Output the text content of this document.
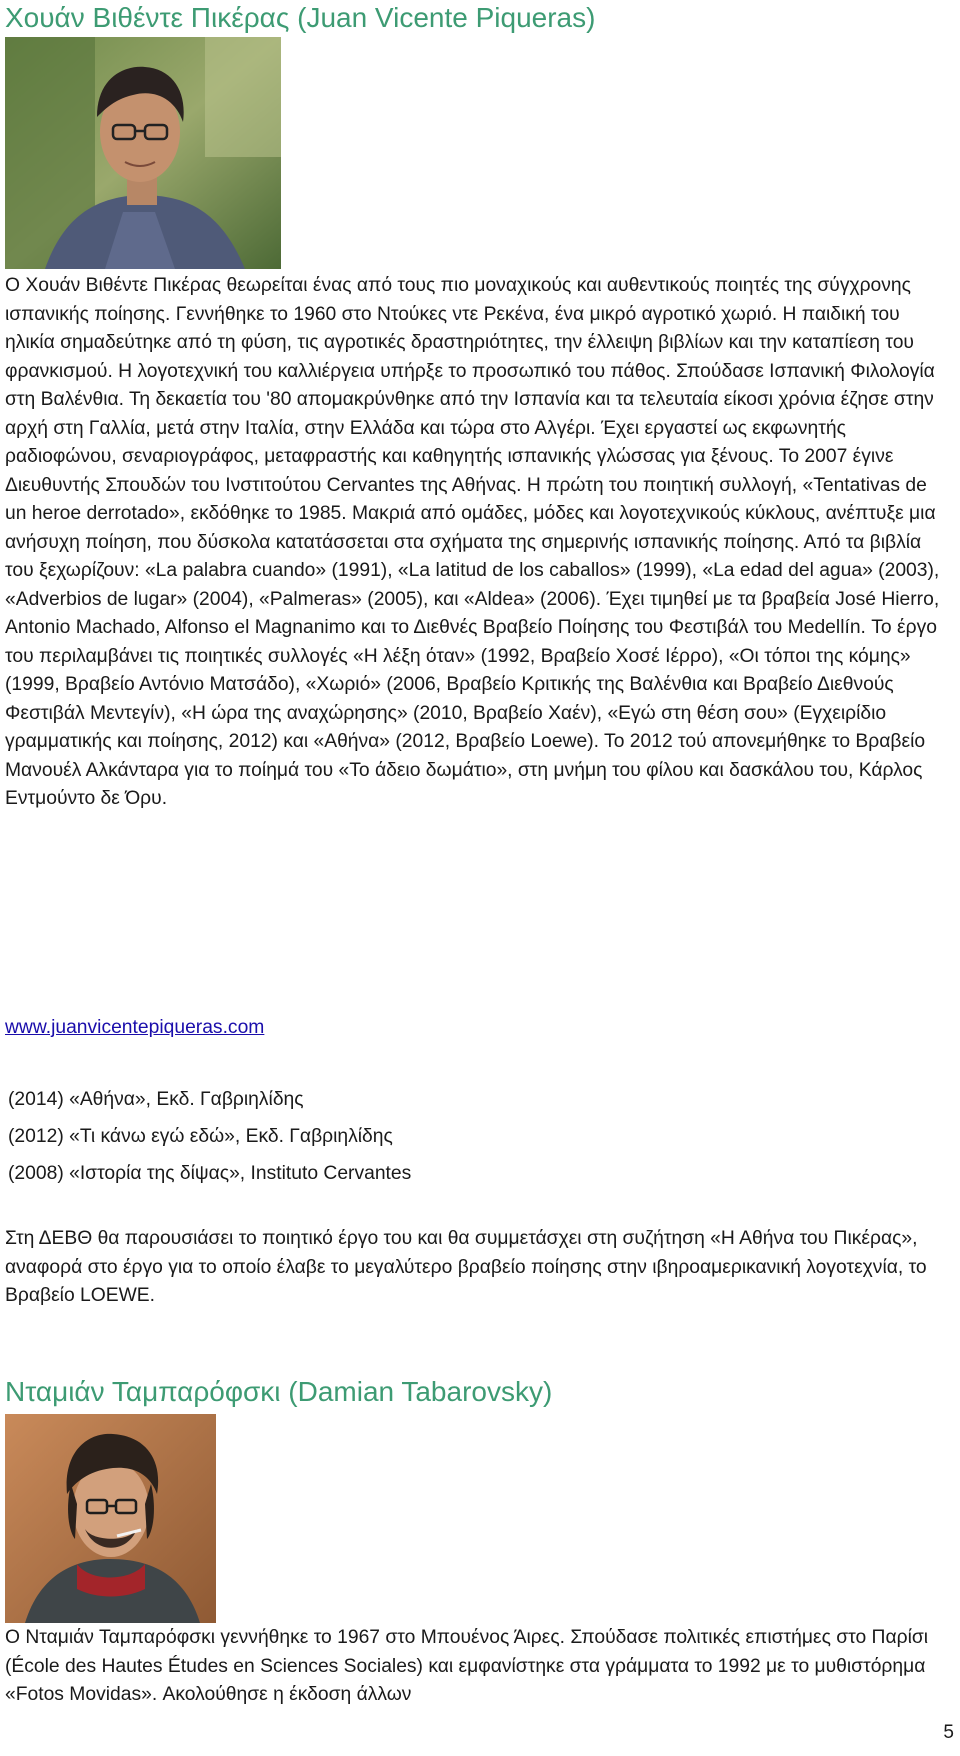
Χουάν Βιθέντε Πικέρας (Juan Vicente Piqueras)

Ο Χουάν Βιθέντε Πικέρας θεωρείται ένας από τους πιο μοναχικούς και αυθεντικούς ποιητές της σύγχρονης ισπανικής ποίησης. Γεννήθηκε το 1960 στο Ντούκες ντε Ρεκένα, ένα μικρό αγροτικό χωριό. Η παιδική του ηλικία σημαδεύτηκε από τη φύση, τις αγροτικές δραστηριότητες, την έλλειψη βιβλίων και την καταπίεση του φρανκισμού. Η λογοτεχνική του καλλιέργεια υπήρξε το προσωπικό του πάθος. Σπούδασε Ισπανική Φιλολογία στη Βαλένθια. Τη δεκαετία του '80 απομακρύνθηκε από την Ισπανία και τα τελευταία είκοσι χρόνια έζησε στην αρχή στη Γαλλία, μετά στην Ιταλία, στην Ελλάδα και τώρα στο Αλγέρι. Έχει εργαστεί ως εκφωνητής ραδιοφώνου, σεναριογράφος, μεταφραστής και καθηγητής ισπανικής γλώσσας για ξένους. Το 2007 έγινε Διευθυντής Σπουδών του Ινστιτούτου Cervantes της Αθήνας. Η πρώτη του ποιητική συλλογή, «Tentativas de un heroe derrotado», εκδόθηκε το 1985. Μακριά από ομάδες, μόδες και λογοτεχνικούς κύκλους, ανέπτυξε μια ανήσυχη ποίηση, που δύσκολα κατατάσσεται στα σχήματα της σημερινής ισπανικής ποίησης. Από τα βιβλία του ξεχωρίζουν: «La palabra cuando» (1991), «La latitud de los caballos» (1999), «La edad del agua» (2003), «Adverbios de lugar» (2004), «Palmeras» (2005), και «Aldea» (2006). Έχει τιμηθεί με τα βραβεία José Hierro, Antonio Machado, Alfonso el Magnanimo και το Διεθνές Βραβείο Ποίησης του Φεστιβάλ του Medellín. Το έργο του περιλαμβάνει τις ποιητικές συλλογές «Η λέξη όταν» (1992, Βραβείο Χοσέ Ιέρρο), «Οι τόποι της κόμης» (1999, Βραβείο Αντόνιο Ματσάδο), «Χωριό» (2006, Βραβείο Κριτικής της Βαλένθια και Βραβείο Διεθνούς Φεστιβάλ Μεντεγίν), «Η ώρα της αναχώρησης» (2010, Βραβείο Χαέν), «Εγώ στη θέση σου» (Εγχειρίδιο γραμματικής και ποίησης, 2012) και «Αθήνα» (2012, Βραβείο Loewe). Το 2012 τού απονεμήθηκε το Βραβείο Μανουέλ Αλκάνταρα για το ποίημά του «Το άδειο δωμάτιο», στη μνήμη του φίλου και δασκάλου του, Κάρλος Εντμούντο δε Όρυ.

www.juanvicentepiqueras.com
(2014) «Αθήνα», Εκδ. Γαβριηλίδης
(2012) «Τι κάνω εγώ εδώ», Εκδ. Γαβριηλίδης
(2008) «Ιστορία της δίψας», Instituto Cervantes

Στη ΔΕΒΘ θα παρουσιάσει το ποιητικό έργο του και θα συμμετάσχει στη συζήτηση «Η Αθήνα του Πικέρας», αναφορά στο έργο για το οποίο έλαβε το μεγαλύτερο βραβείο ποίησης στην ιβηροαμερικανική λογοτεχνία, το Βραβείο LOEWE.

Νταμιάν Ταμπαρόφσκι (Damian Tabarovsky)

Ο Νταμιάν Ταμπαρόφσκι γεννήθηκε το 1967 στο Μπουένος Άιρες. Σπούδασε πολιτικές επιστήμες στο Παρίσι (École des Hautes Études en Sciences Sociales) και εμφανίστηκε στα γράμματα το 1992 με το μυθιστόρημα «Fotos Movidas». Ακολούθησε η έκδοση άλλων

5
